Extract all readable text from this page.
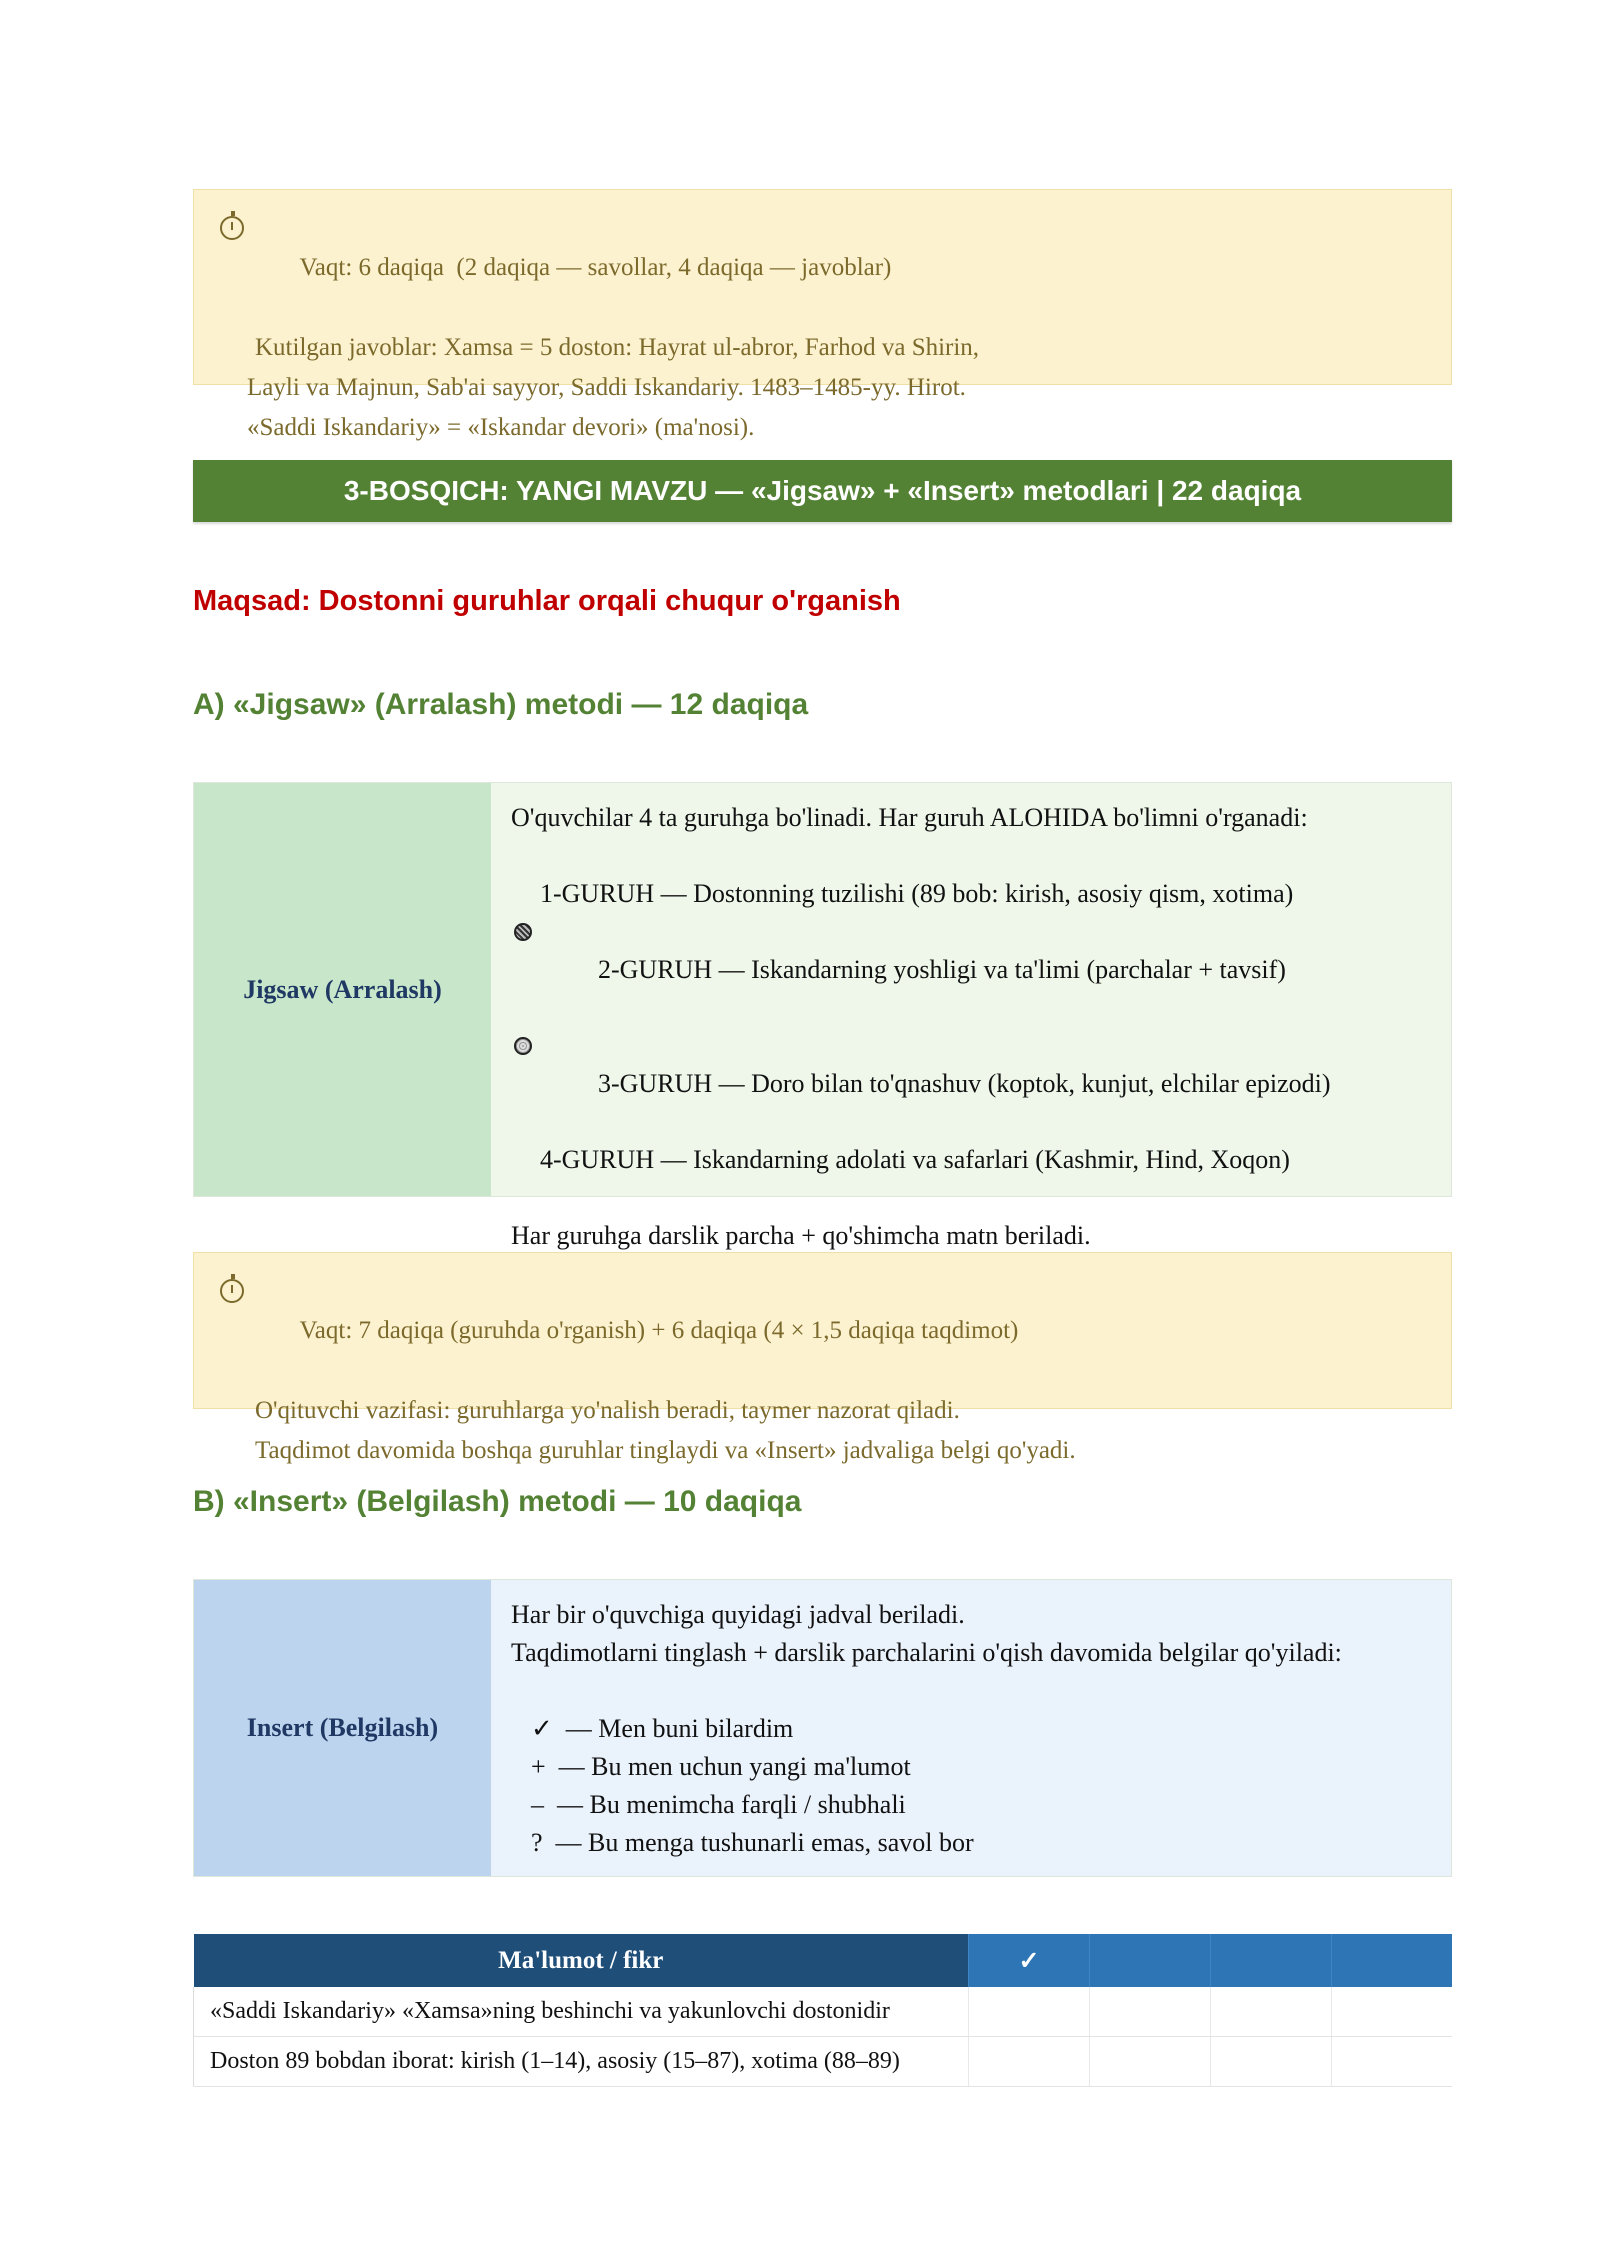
Vaqt: 6 daqiqa  (2 daqiqa — savollar, 4 daqiqa — javoblar)

Kutilgan javoblar: Xamsa = 5 doston: Hayrat ul-abror, Farhod va Shirin,
Layli va Majnun, Sab'ai sayyor, Saddi Iskandariy. 1483–1485-yy. Hirot.
«Saddi Iskandariy» = «Iskandar devori» (ma'nosi).
3-BOSQICH: YANGI MAVZU — «Jigsaw» + «Insert» metodlari | 22 daqiqa
Maqsad: Dostonni guruhlar orqali chuqur o'rganish
A) «Jigsaw» (Arralash) metodi — 12 daqiqa
Jigsaw (Arralash)
O'quvchilar 4 ta guruhga bo'linadi. Har guruh ALOHIDA bo'limni o'rganadi:
1-GURUH — Dostonning tuzilishi (89 bob: kirish, asosiy qism, xotima)

2-GURUH — Iskandarning yoshligi va ta'limi (parchalar + tavsif)

3-GURUH — Doro bilan to'qnashuv (koptok, kunjut, elchilar epizodi)

4-GURUH — Iskandarning adolati va safarlari (Kashmir, Hind, Xoqon)
Har guruhga darslik parcha + qo'shimcha matn beriladi.

Vaqt: 7 daqiqa (guruhda o'rganish) + 6 daqiqa (4 × 1,5 daqiqa taqdimot)

O'qituvchi vazifasi: guruhlarga yo'nalish beradi, taymer nazorat qiladi.
Taqdimot davomida boshqa guruhlar tinglaydi va «Insert» jadvaliga belgi qo'yadi.
B) «Insert» (Belgilash) metodi — 10 daqiqa
Insert (Belgilash)
Har bir o'quvchiga quyidagi jadval beriladi.
Taqdimotlarni tinglash + darslik parchalarini o'qish davomida belgilar qo'yiladi:
✓  — Men buni bilardim
+  — Bu men uchun yangi ma'lumot
–  — Bu menimcha farqli / shubhali
?  — Bu menga tushunarli emas, savol bor
Ma'lumot / fikr	✓			
«Saddi Iskandariy» «Xamsa»ning beshinchi va yakunlovchi dostonidir				
Doston 89 bobdan iborat: kirish (1–14), asosiy (15–87), xotima (88–89)				
